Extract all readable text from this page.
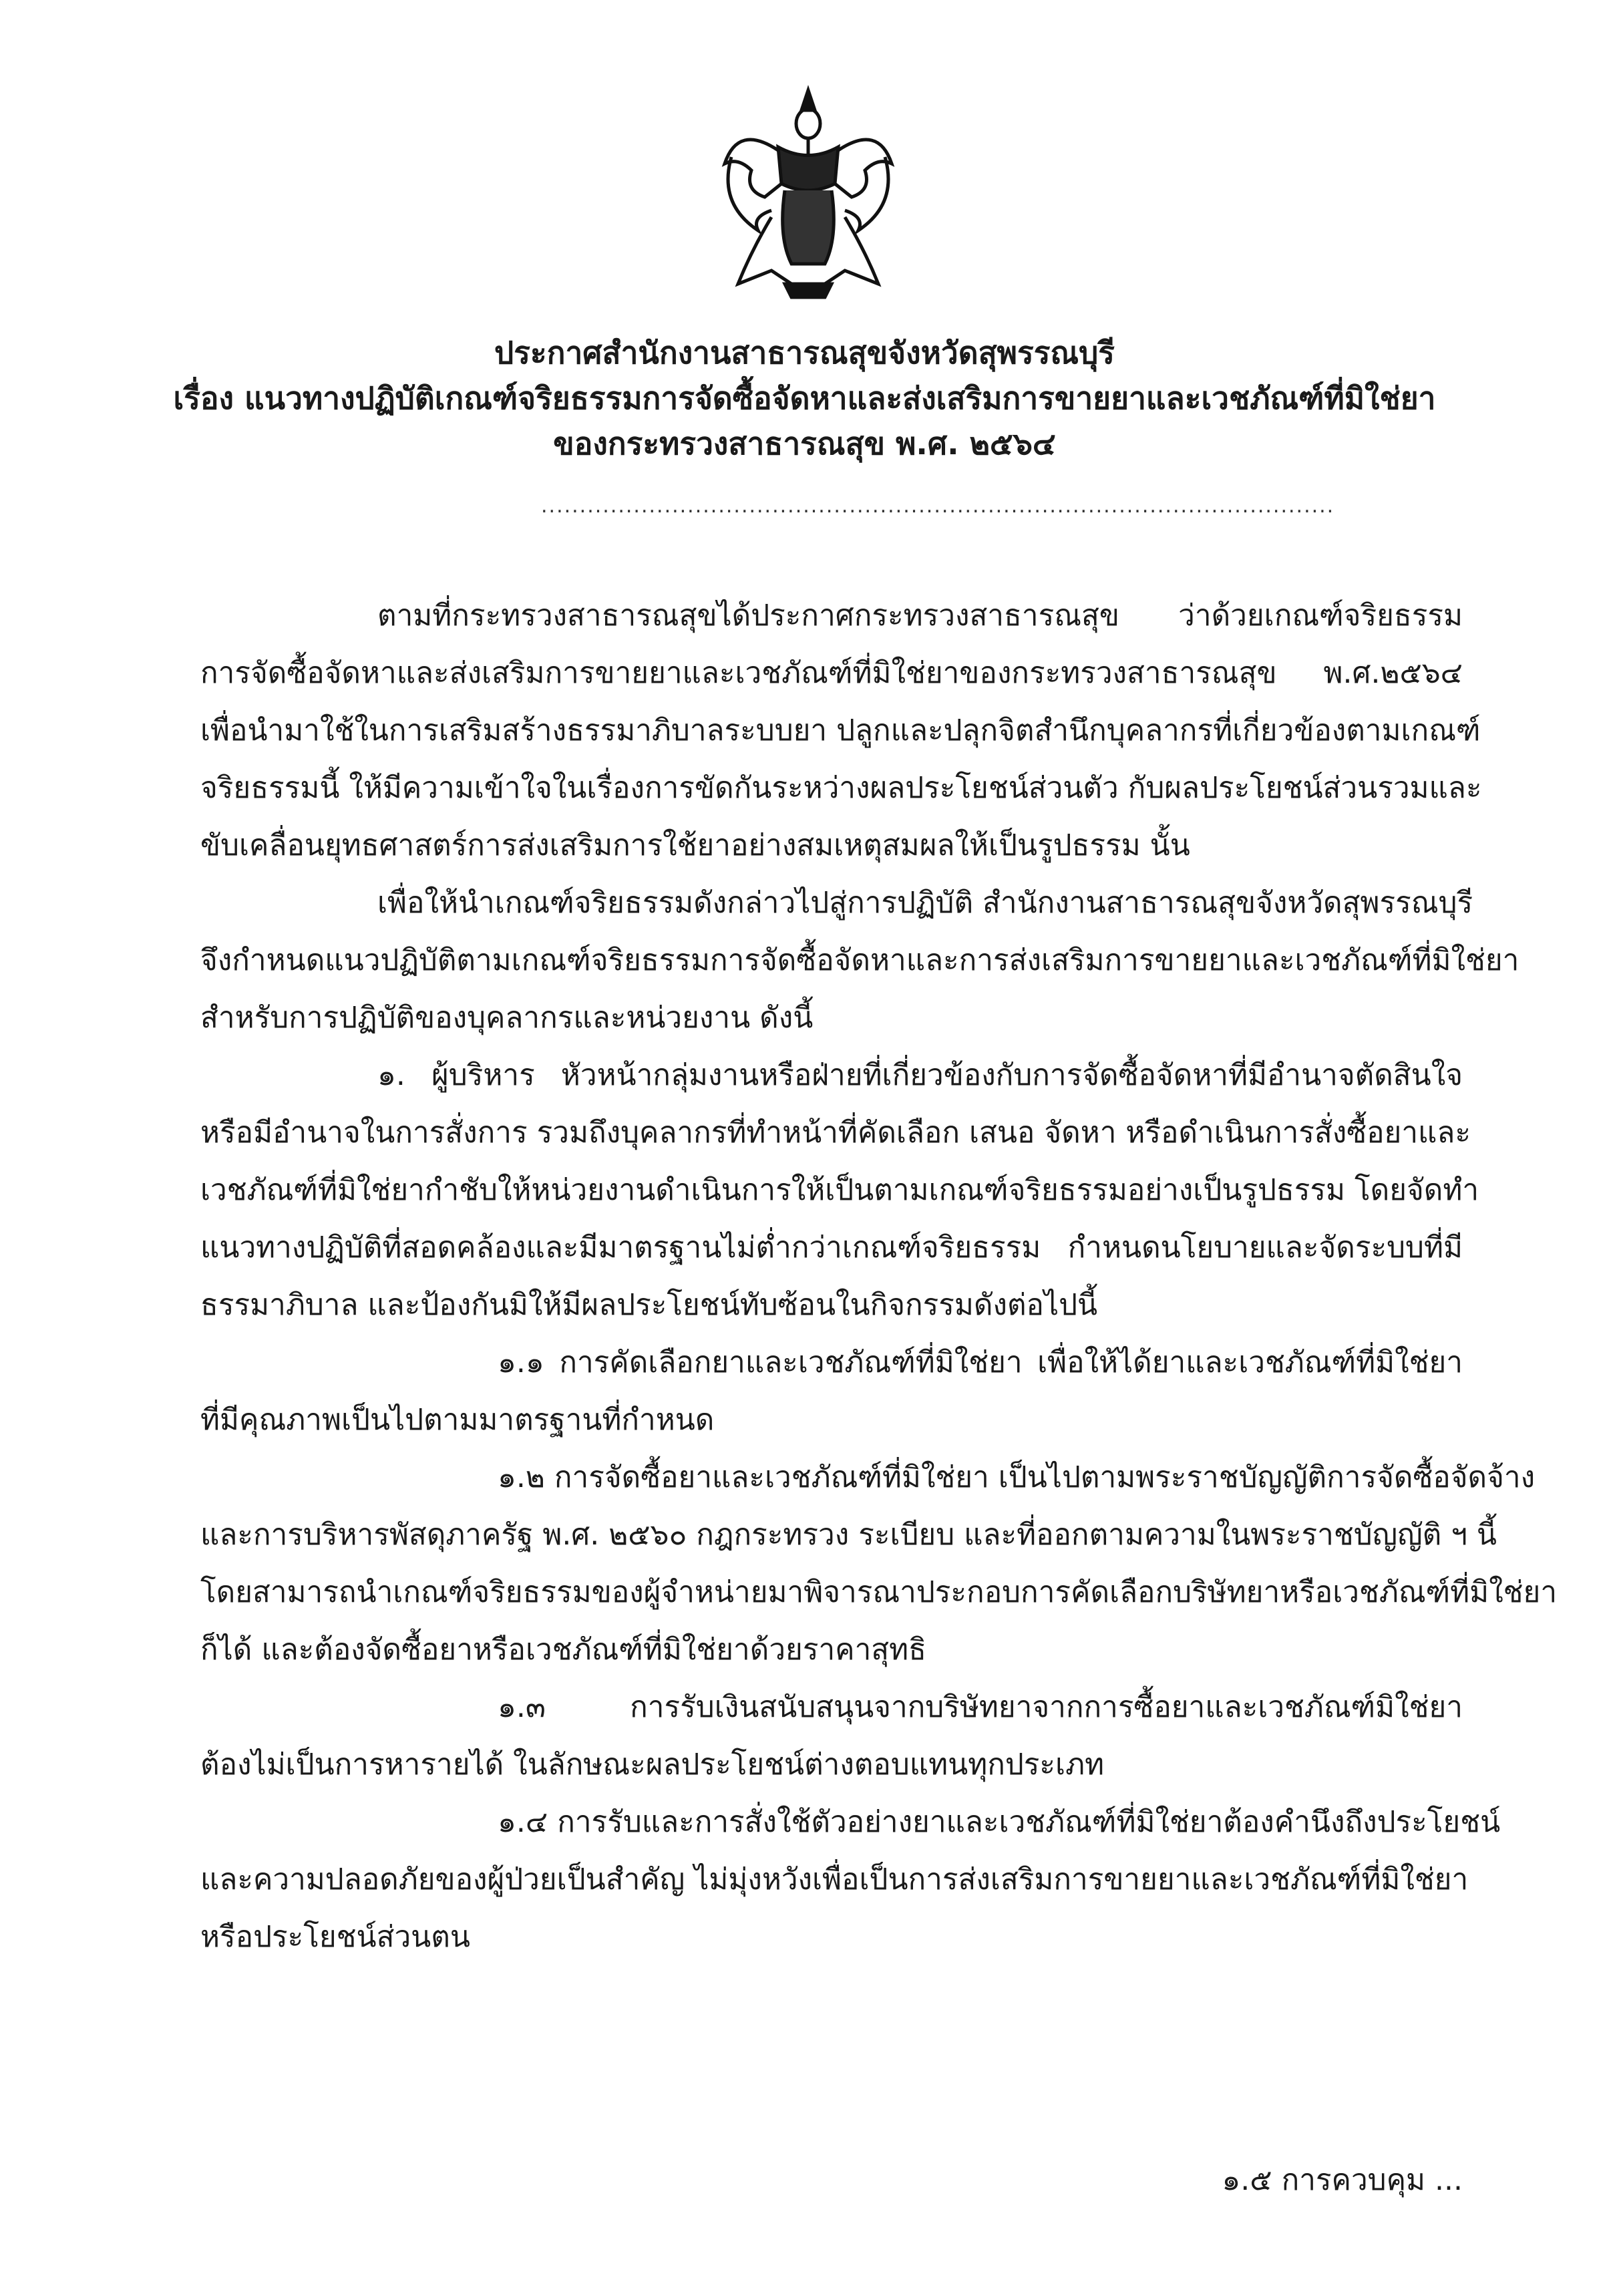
ประกาศสำนักงานสาธารณสุขจังหวัดสุพรรณบุรี
เรื่อง แนวทางปฏิบัติเกณฑ์จริยธรรมการจัดซื้อจัดหาและส่งเสริมการขายยาและเวชภัณฑ์ที่มิใช่ยา
ของกระทรวงสาธารณสุข พ.ศ. ๒๕๖๔
.......................................................................................................
ตามที่กระทรวงสาธารณสุขได้ประกาศกระทรวงสาธารณสุข ว่าด้วยเกณฑ์จริยธรรม
การจัดซื้อจัดหาและส่งเสริมการขายยาและเวชภัณฑ์ที่มิใช่ยาของกระทรวงสาธารณสุข พ.ศ.๒๕๖๔
เพื่อนำมาใช้ในการเสริมสร้างธรรมาภิบาลระบบยา ปลูกและปลุกจิตสำนึกบุคลากรที่เกี่ยวข้องตามเกณฑ์
จริยธรรมนี้ ให้มีความเข้าใจในเรื่องการขัดกันระหว่างผลประโยชน์ส่วนตัว กับผลประโยชน์ส่วนรวมและ
ขับเคลื่อนยุทธศาสตร์การส่งเสริมการใช้ยาอย่างสมเหตุสมผลให้เป็นรูปธรรม นั้น
เพื่อให้นำเกณฑ์จริยธรรมดังกล่าวไปสู่การปฏิบัติ สำนักงานสาธารณสุขจังหวัดสุพรรณบุรี
จึงกำหนดแนวปฏิบัติตามเกณฑ์จริยธรรมการจัดซื้อจัดหาและการส่งเสริมการขายยาและเวชภัณฑ์ที่มิใช่ยา
สำหรับการปฏิบัติของบุคลากรและหน่วยงาน ดังนี้
๑. ผู้บริหาร หัวหน้ากลุ่มงานหรือฝ่ายที่เกี่ยวข้องกับการจัดซื้อจัดหาที่มีอำนาจตัดสินใจ
หรือมีอำนาจในการสั่งการ รวมถึงบุคลากรที่ทำหน้าที่คัดเลือก เสนอ จัดหา หรือดำเนินการสั่งซื้อยาและ
เวชภัณฑ์ที่มิใช่ยากำชับให้หน่วยงานดำเนินการให้เป็นตามเกณฑ์จริยธรรมอย่างเป็นรูปธรรม โดยจัดทำ
แนวทางปฏิบัติที่สอดคล้องและมีมาตรฐานไม่ต่ำกว่าเกณฑ์จริยธรรม กำหนดนโยบายและจัดระบบที่มี
ธรรมาภิบาล และป้องกันมิให้มีผลประโยชน์ทับซ้อนในกิจกรรมดังต่อไปนี้
๑.๑ การคัดเลือกยาและเวชภัณฑ์ที่มิใช่ยา เพื่อให้ได้ยาและเวชภัณฑ์ที่มิใช่ยา
ที่มีคุณภาพเป็นไปตามมาตรฐานที่กำหนด
๑.๒ การจัดซื้อยาและเวชภัณฑ์ที่มิใช่ยา เป็นไปตามพระราชบัญญัติการจัดซื้อจัดจ้าง
และการบริหารพัสดุภาครัฐ พ.ศ. ๒๕๖๐ กฎกระทรวง ระเบียบ และที่ออกตามความในพระราชบัญญัติ ฯ นี้
โดยสามารถนำเกณฑ์จริยธรรมของผู้จำหน่ายมาพิจารณาประกอบการคัดเลือกบริษัทยาหรือเวชภัณฑ์ที่มิใช่ยา
ก็ได้ และต้องจัดซื้อยาหรือเวชภัณฑ์ที่มิใช่ยาด้วยราคาสุทธิ
๑.๓ การรับเงินสนับสนุนจากบริษัทยาจากการซื้อยาและเวชภัณฑ์มิใช่ยา
ต้องไม่เป็นการหารายได้ ในลักษณะผลประโยชน์ต่างตอบแทนทุกประเภท
๑.๔ การรับและการสั่งใช้ตัวอย่างยาและเวชภัณฑ์ที่มิใช่ยาต้องคำนึงถึงประโยชน์
และความปลอดภัยของผู้ป่วยเป็นสำคัญ ไม่มุ่งหวังเพื่อเป็นการส่งเสริมการขายยาและเวชภัณฑ์ที่มิใช่ยา
หรือประโยชน์ส่วนตน
๑.๕ การควบคุม ...
